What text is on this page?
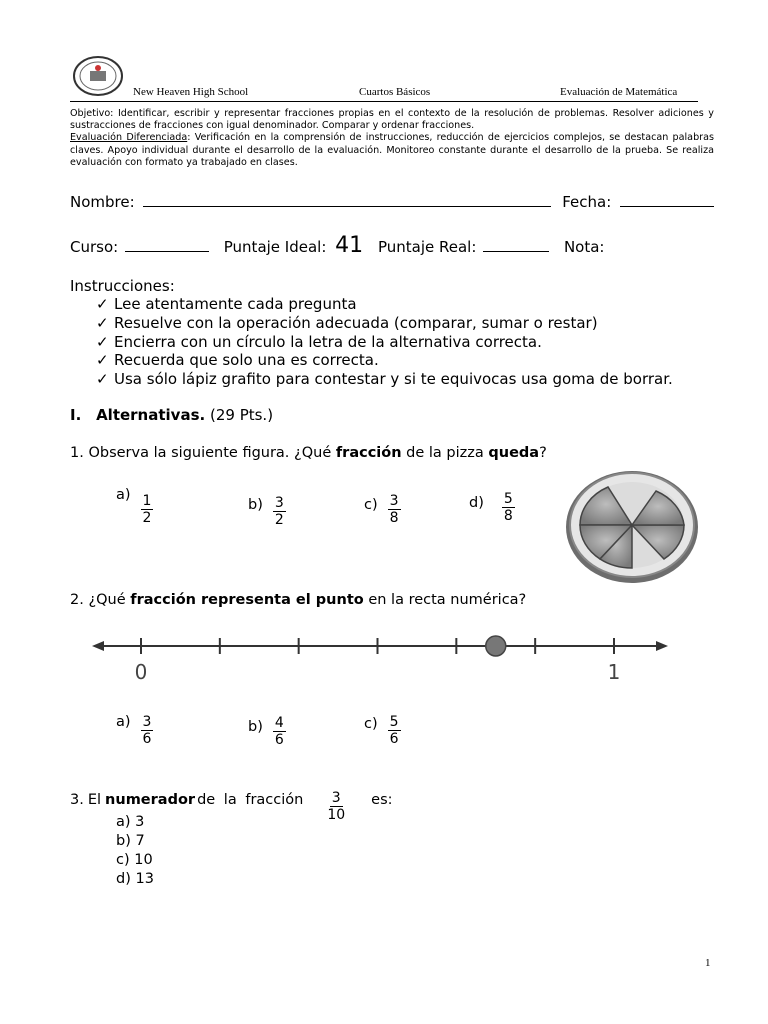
New Heaven High School	Cuartos Básicos	Evaluación de Matemática

Objetivo: Identificar, escribir y representar fracciones propias en el contexto de la resolución de problemas. Resolver adiciones y sustracciones de fracciones con igual denominador. Comparar y ordenar fracciones.

Evaluación Diferenciada: Verificación en la comprensión de instrucciones, reducción de ejercicios complejos, se destacan palabras claves. Apoyo individual durante el desarrollo de la evaluación. Monitoreo constante durante el desarrollo de la prueba. Se realiza evaluación con formato ya trabajado en clases.

Nombre:	Fecha:
Curso:	Puntaje Ideal: 41 Puntaje Real:	Nota:
Instrucciones:
✓ Lee atentamente cada pregunta
✓ Resuelve con la operación adecuada (comparar, sumar o restar)
✓ Encierra con un círculo la letra de la alternativa correcta.
✓ Recuerda que solo una es correcta.
✓ Usa sólo lápiz grafito para contestar y si te equivocas usa goma de borrar.
I. Alternativas. (29 Pts.)
1. Observa la siguiente figura. ¿Qué fracción de la pizza queda?
$a) \frac{1}{2}$	$b) \frac{3}{2}$	$c) \frac{3}{8}$	$d) \frac{5}{8}$
2. ¿Qué fracción representa el punto en la recta numérica?
0	1
$a) \frac{3}{6}$	$b) \frac{4}{6}$	$c) \frac{5}{6}$
3. El numerador de la fracción $\frac{3}{10}$ es:
a) 3
b) 7
c) 10
d) 13
1
